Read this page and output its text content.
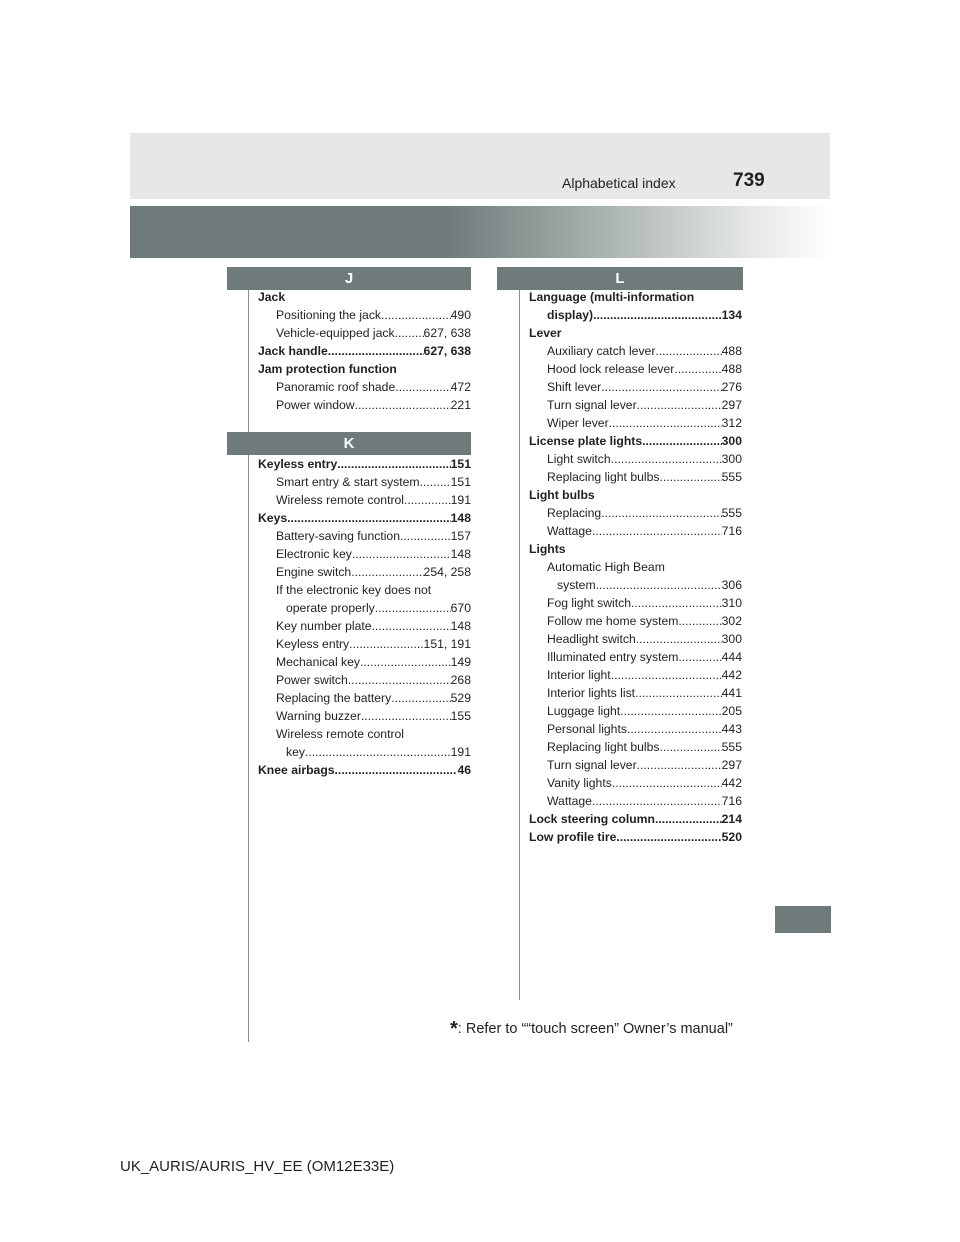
Alphabetical index	739
J
Jack
Positioning the jack .....	490
Vehicle-equipped jack ..... 627, 638
Jack handle .....	627, 638
Jam protection function
Panoramic roof shade .....	472
Power window .....	221
K
Keyless entry .....	151
Smart entry & start system .....	151
Wireless remote control .....	191
Keys .....	148
Battery-saving function .....	157
Electronic key .....	148
Engine switch .....	254, 258
If the electronic key does not
operate properly .....	670
Key number plate .....	148
Keyless entry .....	151, 191
Mechanical key .....	149
Power switch .....	268
Replacing the battery .....	529
Warning buzzer .....	155
Wireless remote control
key .....	191
Knee airbags .....	46
L
Language (multi-information
display) .....	134
Lever
Auxiliary catch lever .....	488
Hood lock release lever .....	488
Shift lever .....	276
Turn signal lever .....	297
Wiper lever .....	312
License plate lights .....	300
Light switch .....	300
Replacing light bulbs .....	555
Light bulbs
Replacing .....	555
Wattage .....	716
Lights
Automatic High Beam
system .....	306
Fog light switch .....	310
Follow me home system .....	302
Headlight switch .....	300
Illuminated entry system .....	444
Interior light .....	442
Interior lights list .....	441
Luggage light .....	205
Personal lights .....	443
Replacing light bulbs .....	555
Turn signal lever .....	297
Vanity lights .....	442
Wattage .....	716
Lock steering column .....	214
Low profile tire .....	520
*: Refer to ““touch screen” Owner’s manual”
UK_AURIS/AURIS_HV_EE (OM12E33E)
